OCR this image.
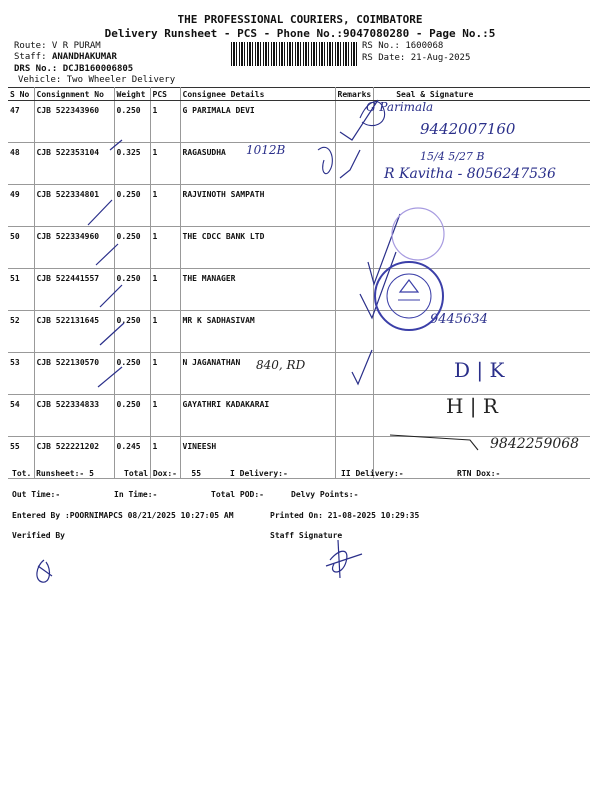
THE PROFESSIONAL COURIERS, COIMBATORE
Delivery Runsheet - PCS - Phone No.:9047080280 - Page No.:5
Route: V R PURAM
Staff: ANANDHAKUMAR
DRS No.: DCJB160006805
Vehicle: Two Wheeler Delivery
RS No.: 1600068
RS Date: 21-Aug-2025
S No	Consignment No	Weight	PCS	Consignee Details	Remarks	Seal & Signature
47	CJB 522343960	0.250	1	G PARIMALA DEVI		
48	CJB 522353104	0.325	1	RAGASUDHA		
49	CJB 522334801	0.250	1	RAJVINOTH SAMPATH		
50	CJB 522334960	0.250	1	THE CDCC BANK LTD		
51	CJB 522441557	0.250	1	THE MANAGER		
52	CJB 522131645	0.250	1	MR K SADHASIVAM		
53	CJB 522130570	0.250	1	N JAGANATHAN		
54	CJB 522334833	0.250	1	GAYATHRI KADAKARAI		
55	CJB 522221202	0.245	1	VINEESH		
Tot. Runsheet:- 5	Total Dox:-   55	I Delivery:-	II Delivery:-	RTN Dox:-
Out Time:-	In Time:-	Total POD:-	Delvy Points:-
Entered By :POORNIMAPCS 08/21/2025 10:27:05 AM	Printed On: 21-08-2025 10:29:35
Verified By	Staff Signature
G Parimala
9442007160
1012B	15/4 5/27 B
R Kavitha - 8056247536
9445634
D | K
H | R
9842259068
840, RD
